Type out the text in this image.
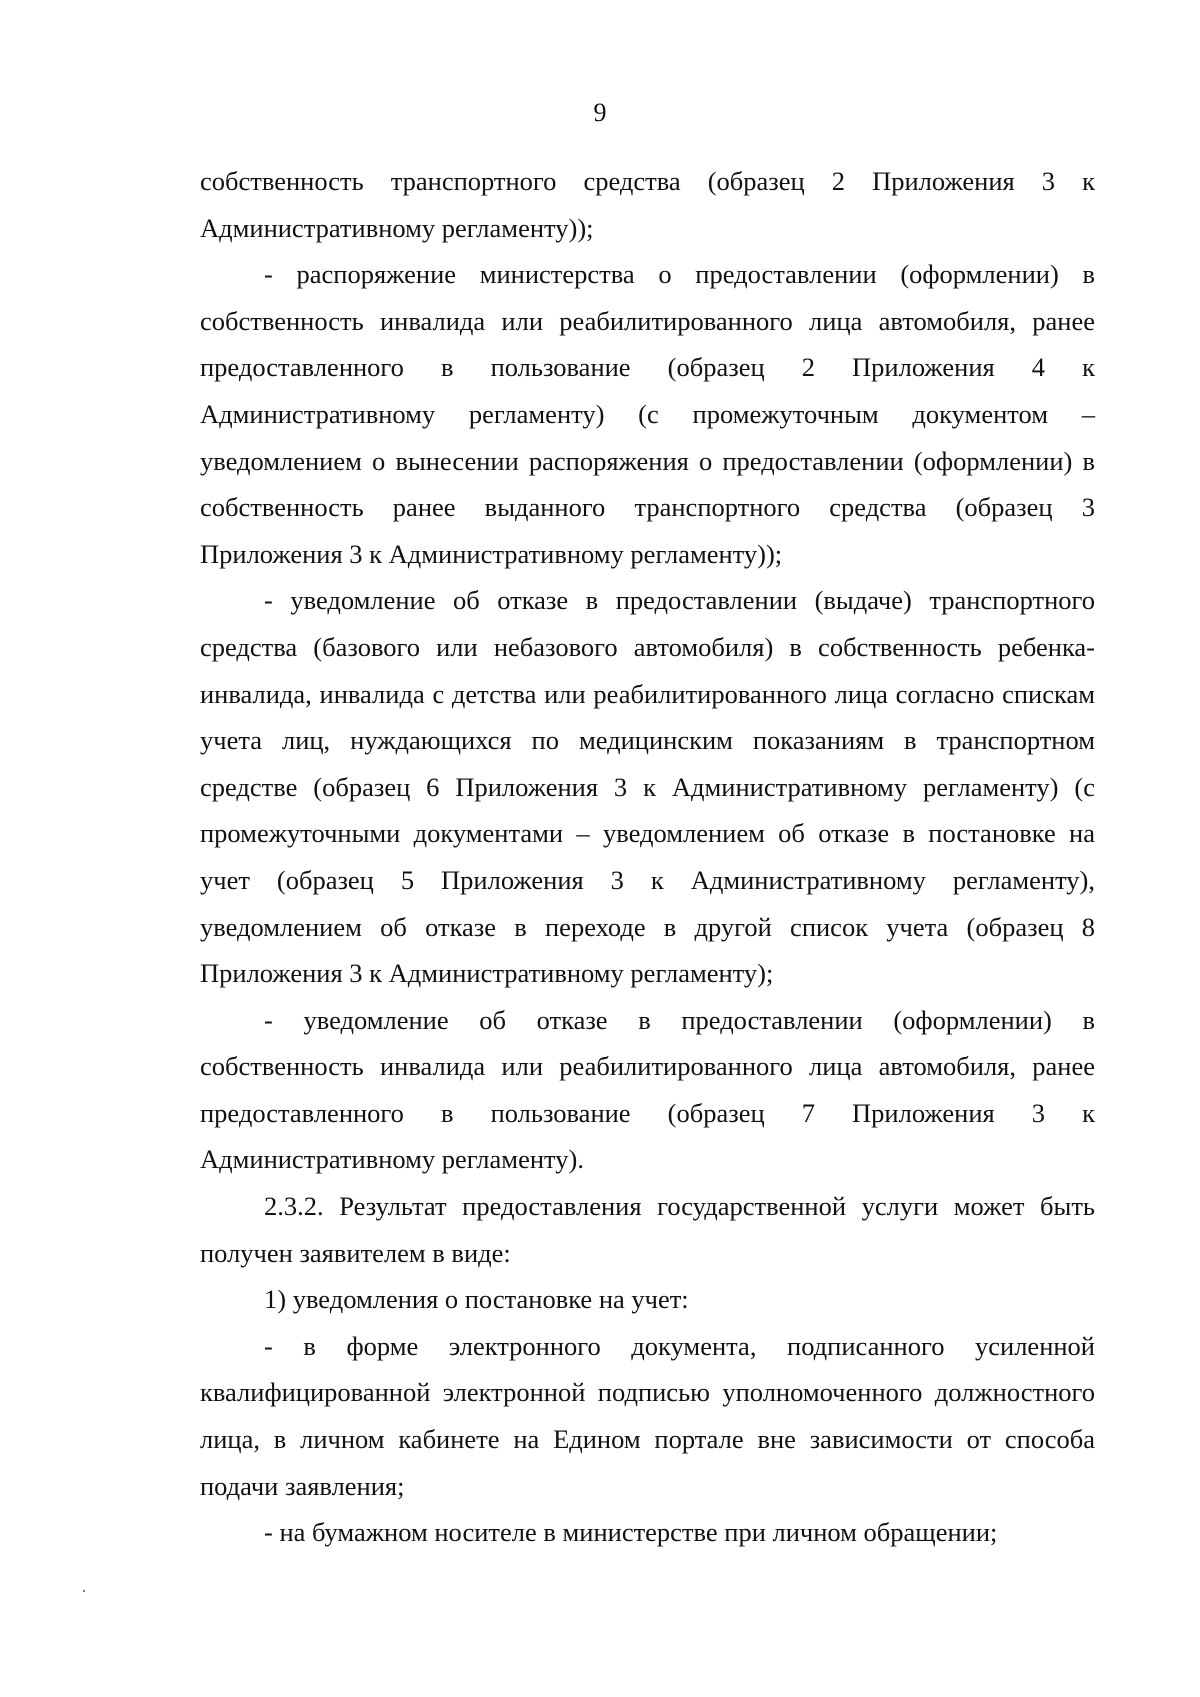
9

собственность транспортного средства (образец 2 Приложения 3 к Административному регламенту));

- распоряжение министерства о предоставлении (оформлении) в собственность инвалида или реабилитированного лица автомобиля, ранее предоставленного в пользование (образец 2 Приложения 4 к Административному регламенту) (с промежуточным документом – уведомлением о вынесении распоряжения о предоставлении (оформлении) в собственность ранее выданного транспортного средства (образец 3 Приложения 3 к Административному регламенту));

- уведомление об отказе в предоставлении (выдаче) транспортного средства (базового или небазового автомобиля) в собственность ребенка-инвалида, инвалида с детства или реабилитированного лица согласно спискам учета лиц, нуждающихся по медицинским показаниям в транспортном средстве (образец 6 Приложения 3 к Административному регламенту) (с промежуточными документами – уведомлением об отказе в постановке на учет (образец 5 Приложения 3 к Административному регламенту), уведомлением об отказе в переходе в другой список учета (образец 8 Приложения 3 к Административному регламенту);

- уведомление об отказе в предоставлении (оформлении) в собственность инвалида или реабилитированного лица автомобиля, ранее предоставленного в пользование (образец 7 Приложения 3 к Административному регламенту).

2.3.2. Результат предоставления государственной услуги может быть получен заявителем в виде:

1) уведомления о постановке на учет:

- в форме электронного документа, подписанного усиленной квалифицированной электронной подписью уполномоченного должностного лица, в личном кабинете на Едином портале вне зависимости от способа подачи заявления;

- на бумажном носителе в министерстве при личном обращении;
